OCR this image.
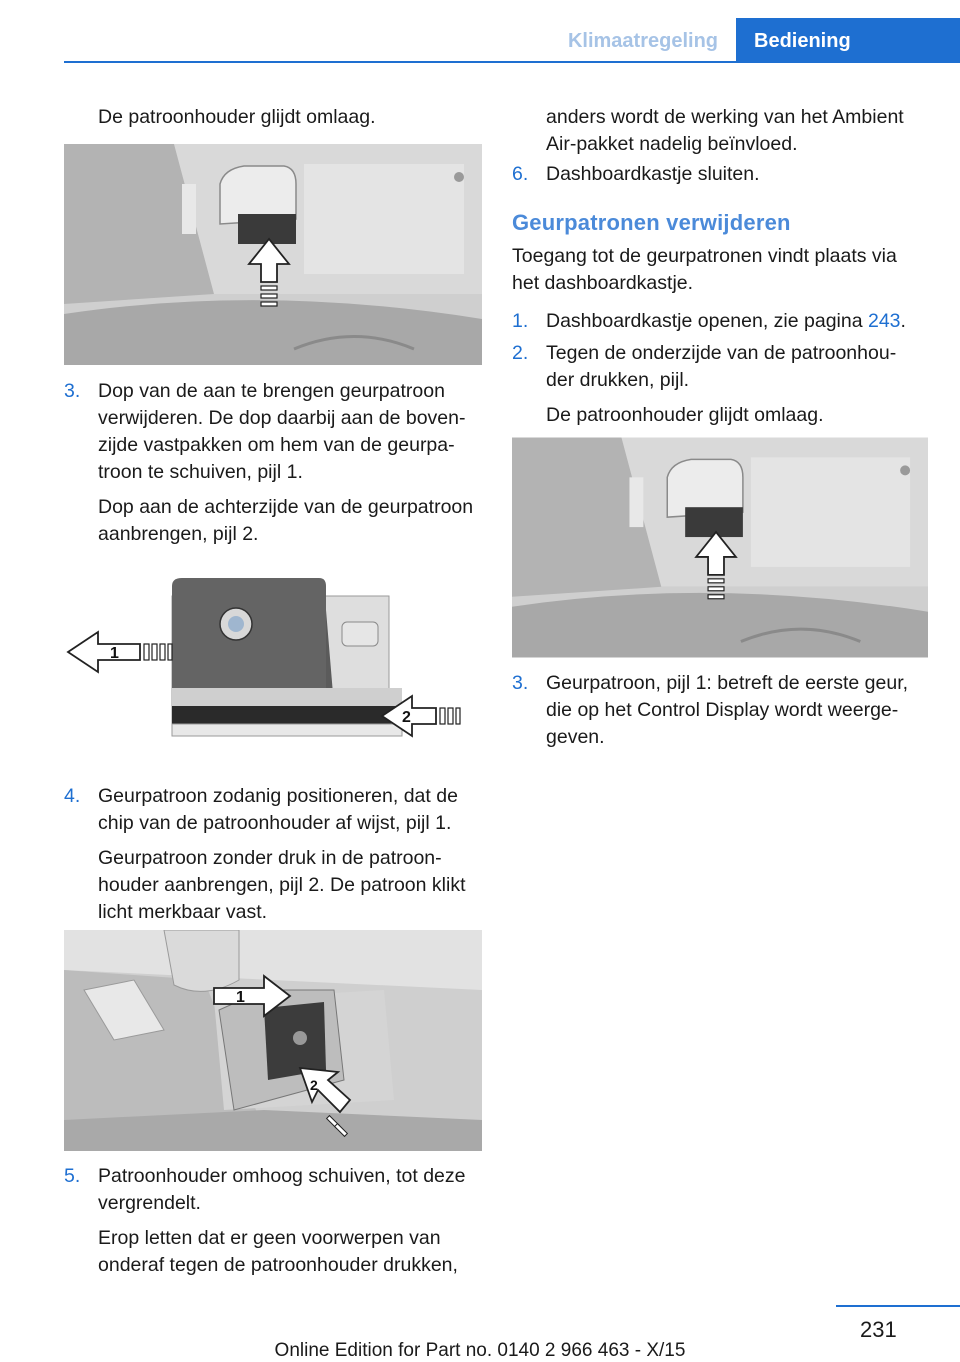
Klimaatregeling	Bediening
De patroonhouder glijdt omlaag.
3. Dop van de aan te brengen geurpatroon
verwijderen. De dop daarbij aan de boven-
zijde vastpakken om hem van de geurpa-
troon te schuiven, pijl 1.
Dop aan de achterzijde van de geurpatroon
aanbrengen, pijl 2.
1
2
4. Geurpatroon zodanig positioneren, dat de
chip van de patroonhouder af wijst, pijl 1.
Geurpatroon zonder druk in de patroon-
houder aanbrengen, pijl 2. De patroon klikt
licht merkbaar vast.
1
2
5. Patroonhouder omhoog schuiven, tot deze
vergrendelt.
Erop letten dat er geen voorwerpen van
onderaf tegen de patroonhouder drukken,
anders wordt de werking van het Ambient
Air-pakket nadelig beïnvloed.
6. Dashboardkastje sluiten.
Geurpatronen verwijderen
Toegang tot de geurpatronen vindt plaats via
het dashboardkastje.
1. Dashboardkastje openen, zie pagina 243.
2. Tegen de onderzijde van de patroonhou-
der drukken, pijl.
De patroonhouder glijdt omlaag.
3. Geurpatroon, pijl 1: betreft de eerste geur,
die op het Control Display wordt weerge-
geven.
231
Online Edition for Part no. 0140 2 966 463 - X/15
